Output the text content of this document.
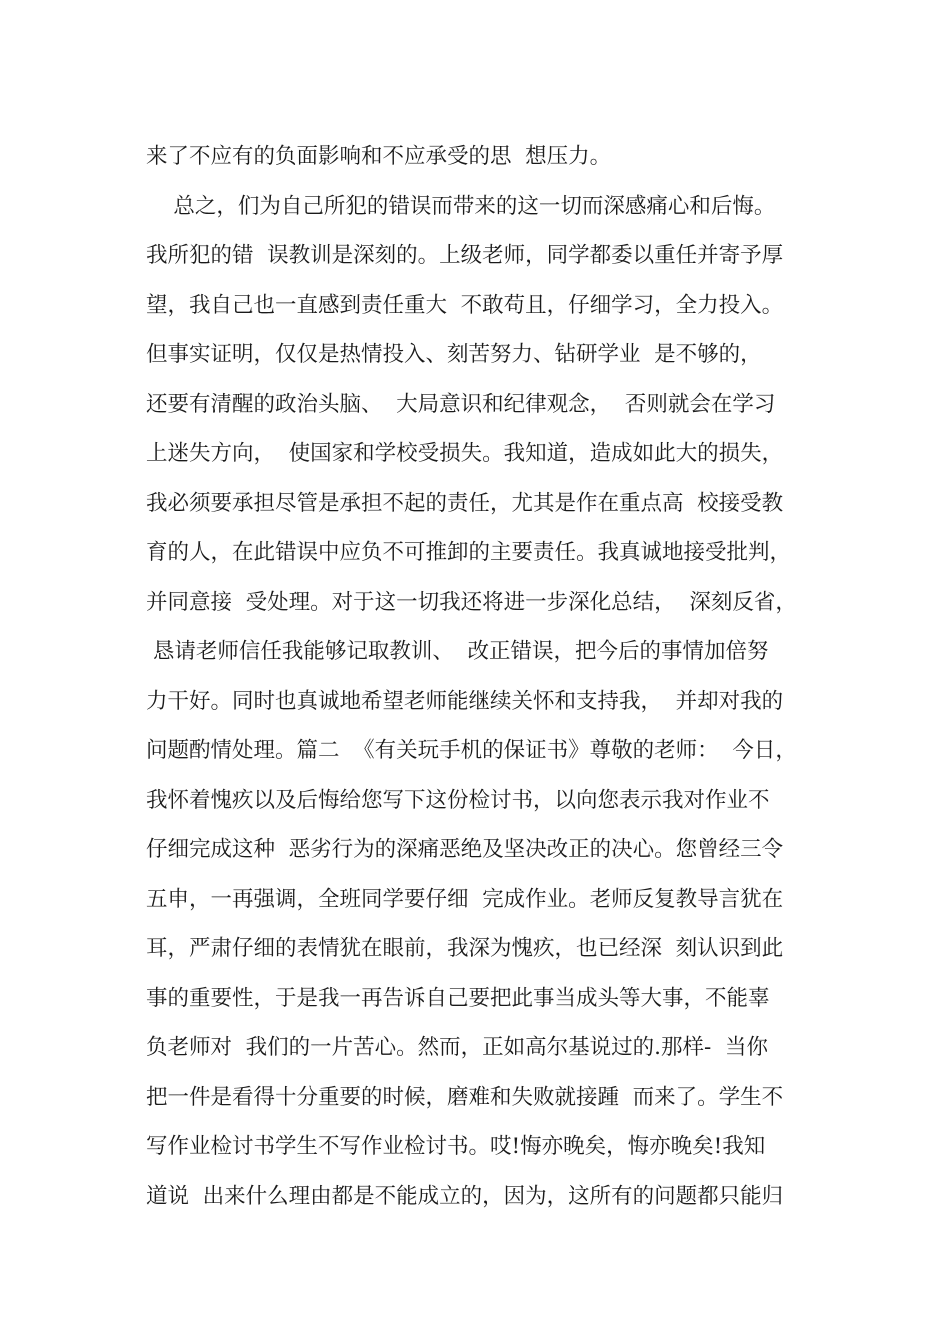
来了不应有的负面影响和不应承受的思  想压力。
总之，们为自己所犯的错误而带来的这一切而深感痛心和后悔。
我所犯的错  误教训是深刻的。上级老师，同学都委以重任并寄予厚
望，我自己也一直感到责任重大  不敢苟且，仔细学习，全力投入。
但事实证明，仅仅是热情投入、刻苦努力、钻研学业  是不够的，
还要有清醒的政治头脑、  大局意识和纪律观念，  否则就会在学习
上迷失方向，  使国家和学校受损失。我知道，造成如此大的损失，
我必须要承担尽管是承担不起的责任，尤其是作在重点高  校接受教
育的人，在此错误中应负不可推卸的主要责任。我真诚地接受批判，
并同意接  受处理。对于这一切我还将进一步深化总结，  深刻反省，
恳请老师信任我能够记取教训、  改正错误，把今后的事情加倍努
力干好。同时也真诚地希望老师能继续关怀和支持我，  并却对我的
问题酌情处理。篇二  《有关玩手机的保证书》尊敬的老师：  今日，
我怀着愧疚以及后悔给您写下这份检讨书，以向您表示我对作业不
仔细完成这种  恶劣行为的深痛恶绝及坚决改正的决心。您曾经三令
五申，一再强调，全班同学要仔细  完成作业。老师反复教导言犹在
耳，严肃仔细的表情犹在眼前，我深为愧疚，也已经深  刻认识到此
事的重要性，于是我一再告诉自己要把此事当成头等大事，不能辜
负老师对  我们的一片苦心。然而，正如高尔基说过的.那样-  当你
把一件是看得十分重要的时候，磨难和失败就接踵  而来了。学生不
写作业检讨书学生不写作业检讨书。哎!悔亦晚矣，悔亦晚矣!我知
道说  出来什么理由都是不能成立的，因为，这所有的问题都只能归
